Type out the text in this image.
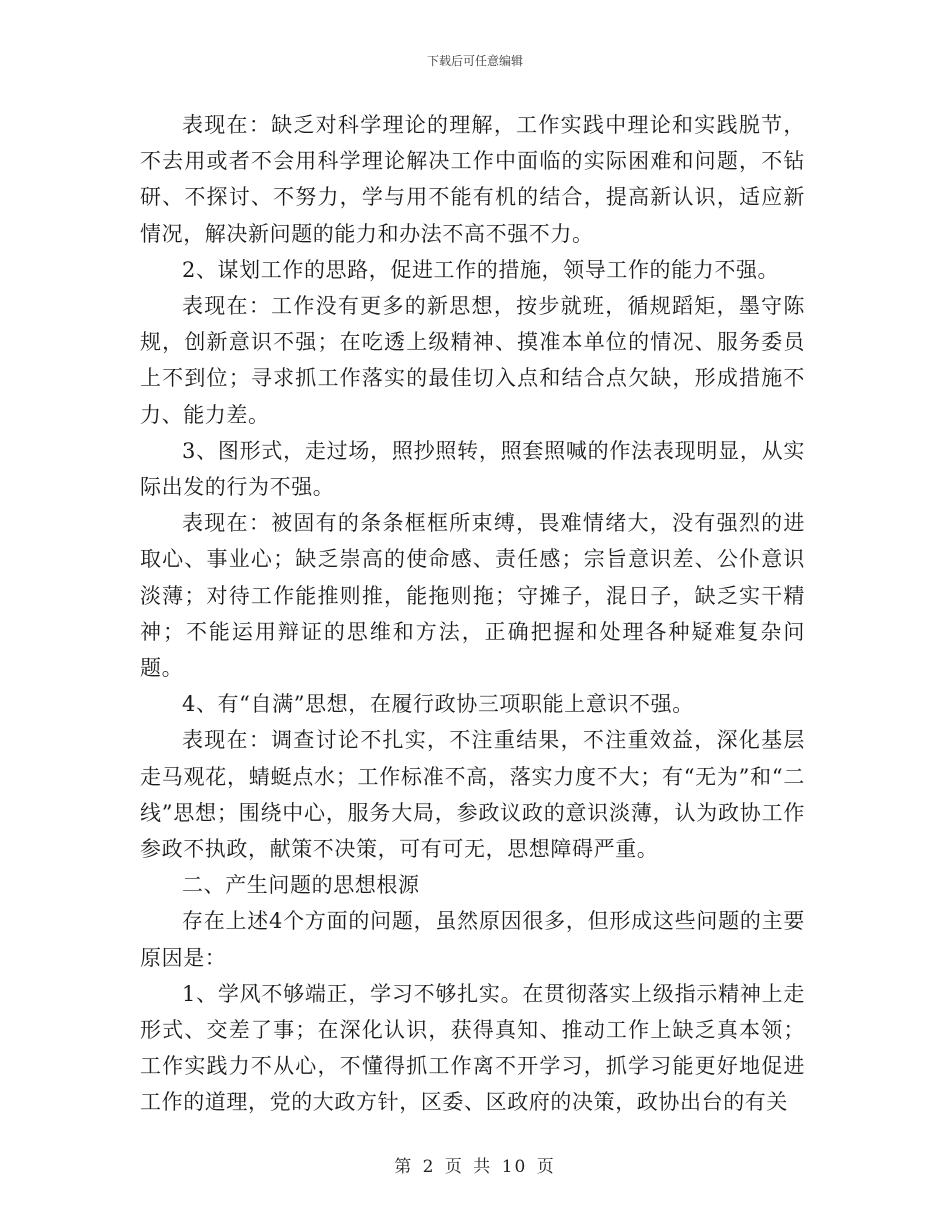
下载后可任意编辑

表现在：缺乏对科学理论的理解，工作实践中理论和实践脱节，不去用或者不会用科学理论解决工作中面临的实际困难和问题，不钻研、不探讨、不努力，学与用不能有机的结合，提高新认识，适应新情况，解决新问题的能力和办法不高不强不力。

2、谋划工作的思路，促进工作的措施，领导工作的能力不强。

表现在：工作没有更多的新思想，按步就班，循规蹈矩，墨守陈规，创新意识不强；在吃透上级精神、摸准本单位的情况、服务委员上不到位；寻求抓工作落实的最佳切入点和结合点欠缺，形成措施不力、能力差。

3、图形式，走过场，照抄照转，照套照喊的作法表现明显，从实际出发的行为不强。

表现在：被固有的条条框框所束缚，畏难情绪大，没有强烈的进取心、事业心；缺乏崇高的使命感、责任感；宗旨意识差、公仆意识淡薄；对待工作能推则推，能拖则拖；守摊子，混日子，缺乏实干精神；不能运用辩证的思维和方法，正确把握和处理各种疑难复杂问题。

4、有“自满”思想，在履行政协三项职能上意识不强。

表现在：调查讨论不扎实，不注重结果，不注重效益，深化基层走马观花，蜻蜓点水；工作标准不高，落实力度不大；有“无为”和“二线”思想；围绕中心，服务大局，参政议政的意识淡薄，认为政协工作参政不执政，献策不决策，可有可无，思想障碍严重。

二、产生问题的思想根源

存在上述4个方面的问题，虽然原因很多，但形成这些问题的主要原因是：

1、学风不够端正，学习不够扎实。在贯彻落实上级指示精神上走形式、交差了事；在深化认识，获得真知、推动工作上缺乏真本领；工作实践力不从心，不懂得抓工作离不开学习，抓学习能更好地促进工作的道理，党的大政方针，区委、区政府的决策，政协出台的有关

第 2 页 共 10 页
